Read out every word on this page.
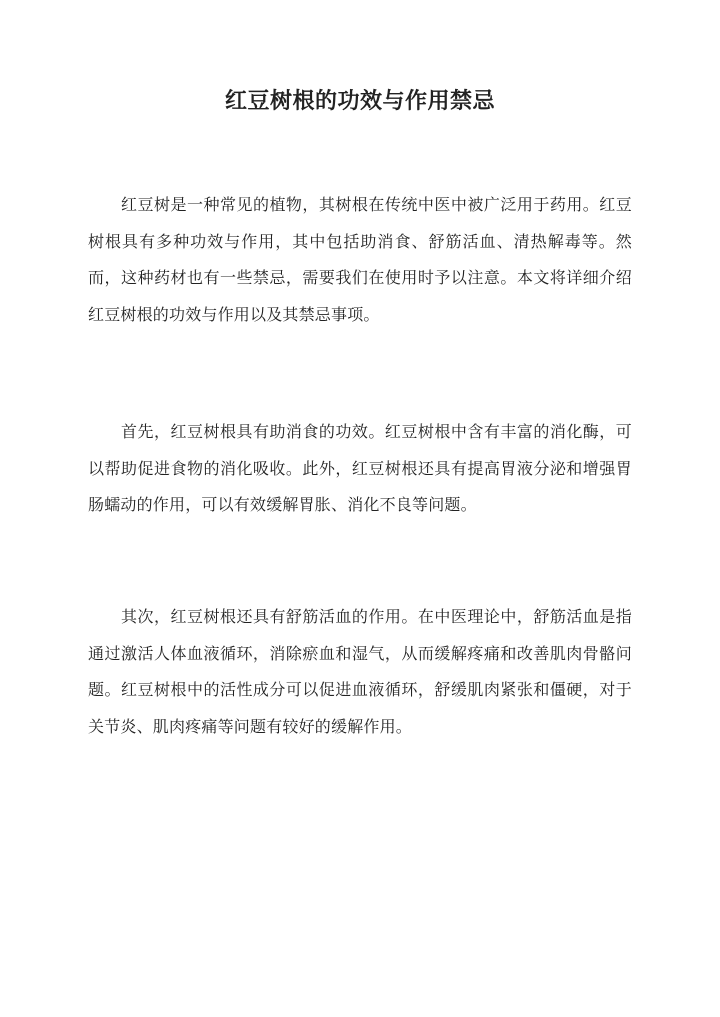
红豆树根的功效与作用禁忌

红豆树是一种常见的植物，其树根在传统中医中被广泛用于药用。红豆树根具有多种功效与作用，其中包括助消食、舒筋活血、清热解毒等。然而，这种药材也有一些禁忌，需要我们在使用时予以注意。本文将详细介绍红豆树根的功效与作用以及其禁忌事项。

首先，红豆树根具有助消食的功效。红豆树根中含有丰富的消化酶，可以帮助促进食物的消化吸收。此外，红豆树根还具有提高胃液分泌和增强胃肠蠕动的作用，可以有效缓解胃胀、消化不良等问题。

其次，红豆树根还具有舒筋活血的作用。在中医理论中，舒筋活血是指通过激活人体血液循环，消除瘀血和湿气，从而缓解疼痛和改善肌肉骨骼问题。红豆树根中的活性成分可以促进血液循环，舒缓肌肉紧张和僵硬，对于关节炎、肌肉疼痛等问题有较好的缓解作用。
